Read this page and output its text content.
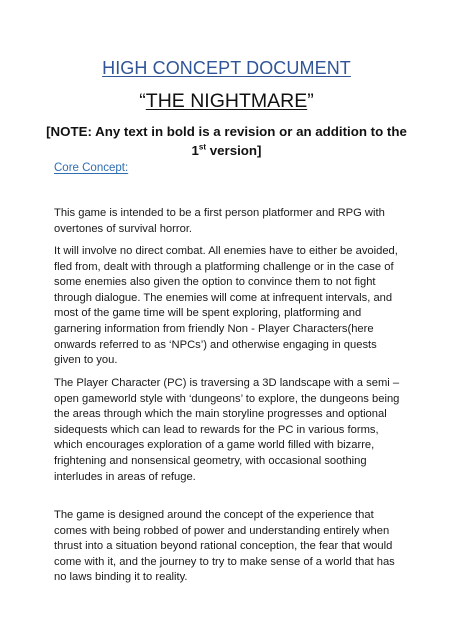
HIGH CONCEPT DOCUMENT
“THE NIGHTMARE”
[NOTE: Any text in bold is a revision or an addition to the 1st version]
Core Concept:

This game is intended to be a first person platformer and RPG with overtones of survival horror.

It will involve no direct combat. All enemies have to either be avoided, fled from, dealt with through a platforming challenge or in the case of some enemies also given the option to convince them to not fight through dialogue. The enemies will come at infrequent intervals, and most of the game time will be spent exploring, platforming and garnering information from friendly Non - Player Characters(here onwards referred to as ‘NPCs’) and otherwise engaging in quests given to you.

The Player Character (PC) is traversing a 3D landscape with a semi – open gameworld style with ‘dungeons’ to explore, the dungeons being the areas through which the main storyline progresses and optional sidequests which can lead to rewards for the PC in various forms, which encourages exploration of a game world filled with bizarre, frightening and nonsensical geometry, with occasional soothing interludes in areas of refuge.

The game is designed around the concept of the experience that comes with being robbed of power and understanding entirely when thrust into a situation beyond rational conception, the fear that would come with it, and the journey to try to make sense of a world that has no laws binding it to reality.
